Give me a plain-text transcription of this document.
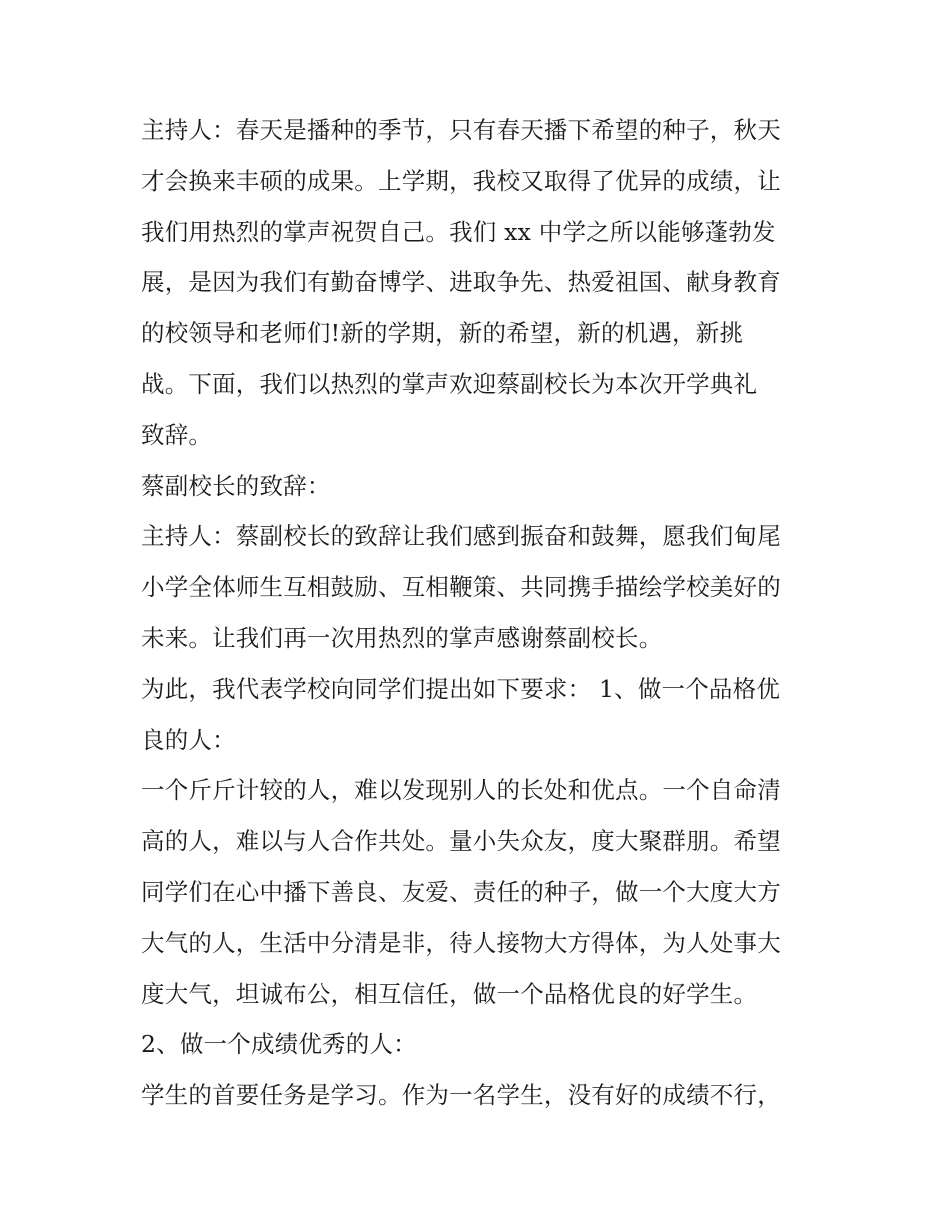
主持人：春天是播种的季节，只有春天播下希望的种子，秋天
才会换来丰硕的成果。上学期，我校又取得了优异的成绩，让
我们用热烈的掌声祝贺自己。我们 xx 中学之所以能够蓬勃发
展，是因为我们有勤奋博学、进取争先、热爱祖国、献身教育
的校领导和老师们!新的学期，新的希望，新的机遇，新挑
战。下面，我们以热烈的掌声欢迎蔡副校长为本次开学典礼
致辞。
蔡副校长的致辞：
主持人：蔡副校长的致辞让我们感到振奋和鼓舞，愿我们甸尾
小学全体师生互相鼓励、互相鞭策、共同携手描绘学校美好的
未来。让我们再一次用热烈的掌声感谢蔡副校长。
为此，我代表学校向同学们提出如下要求： 1、做一个品格优
良的人：
一个斤斤计较的人，难以发现别人的长处和优点。一个自命清
高的人，难以与人合作共处。量小失众友，度大聚群朋。希望
同学们在心中播下善良、友爱、责任的种子，做一个大度大方
大气的人，生活中分清是非，待人接物大方得体，为人处事大
度大气，坦诚布公，相互信任，做一个品格优良的好学生。
2、做一个成绩优秀的人：
学生的首要任务是学习。作为一名学生，没有好的成绩不行，
